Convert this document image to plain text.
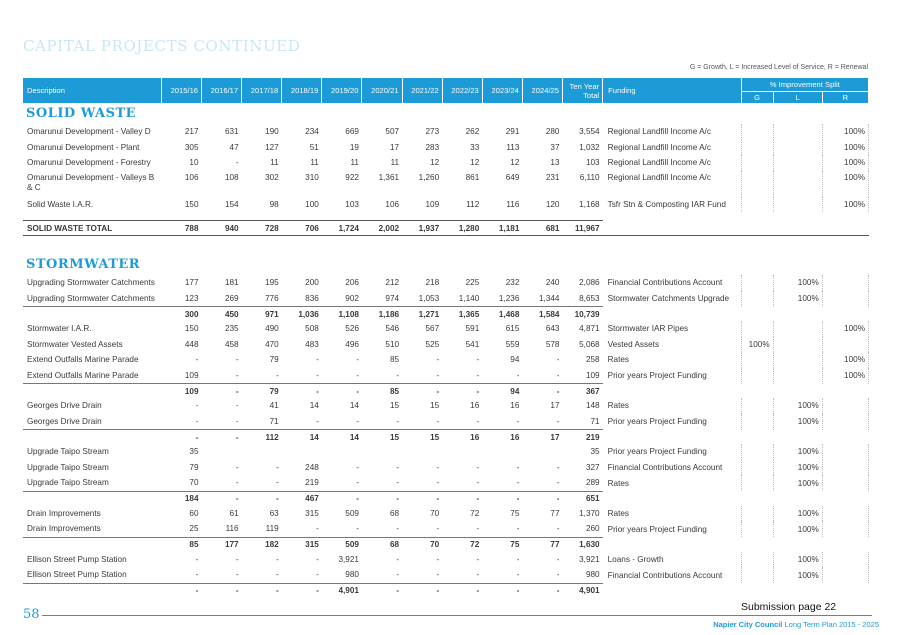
CAPITAL PROJECTS CONTINUED
G = Growth, L = Increased Level of Service, R = Renewal
Description	2015/16	2016/17	2017/18	2018/19	2019/20	2020/21	2021/22	2022/23	2023/24	2024/25	Ten Year Total	Funding	% Improvement Split		
													G	L	R
SOLID WASTE															
Omarunui Development - Valley D	217	631	190	234	669	507	273	262	291	280	3,554	Regional Landfill Income A/c			100%
Omarunui Development - Plant	305	47	127	51	19	17	283	33	113	37	1,032	Regional Landfill Income A/c			100%
Omarunui Development - Forestry	10	-	11	11	11	11	12	12	12	13	103	Regional Landfill Income A/c			100%
Omarunui Development - Valleys B & C	106	108	302	310	922	1,361	1,260	861	649	231	6,110	Regional Landfill Income A/c			100%
Solid Waste I.A.R.	150	154	98	100	103	106	109	112	116	120	1,168	Tsfr Stn & Composting IAR Fund			100%

SOLID WASTE TOTAL	788	940	728	706	1,724	2,002	1,937	1,280	1,181	681	11,967				

STORMWATER															
Upgrading Stormwater Catchments	177	181	195	200	206	212	218	225	232	240	2,086	Financial Contributions Account		100%	
Upgrading Stormwater Catchments	123	269	776	836	902	974	1,053	1,140	1,236	1,344	8,653	Stormwater Catchments Upgrade		100%	
	300	450	971	1,036	1,108	1,186	1,271	1,365	1,468	1,584	10,739				
Stormwater I.A.R.	150	235	490	508	526	546	567	591	615	643	4,871	Stormwater IAR Pipes			100%
Stormwater Vested Assets	448	458	470	483	496	510	525	541	559	578	5,068	Vested Assets	100%		
Extend Outfalls Marine Parade	-	-	79	-	-	85	-	-	94	-	258	Rates			100%
Extend Outfalls Marine Parade	109	-	-	-	-	-	-	-	-	-	109	Prior years Project Funding			100%
	109	-	79	-	-	85	-	-	94	-	367				
Georges Drive Drain	-	-	41	14	14	15	15	16	16	17	148	Rates		100%	
Georges Drive Drain	-	-	71	-	-	-	-	-	-	-	71	Prior years Project Funding		100%	
	-	-	112	14	14	15	15	16	16	17	219				
Upgrade Taipo Stream	35										35	Prior years Project Funding		100%	
Upgrade Taipo Stream	79	-	-	248	-	-	-	-	-	-	327	Financial Contributions Account		100%	
Upgrade Taipo Stream	70	-	-	219	-	-	-	-	-	-	289	Rates		100%	
	184	-	-	467	-	-	-	-	-	-	651				
Drain Improvements	60	61	63	315	509	68	70	72	75	77	1,370	Rates		100%	
Drain Improvements	25	116	119	-	-	-	-	-	-	-	260	Prior years Project Funding		100%	
	85	177	182	315	509	68	70	72	75	77	1,630				
Ellison Street Pump Station	-	-	-	-	3,921	-	-	-	-	-	3,921	Loans - Growth		100%	
Ellison Street Pump Station	-	-	-	-	980	-	-	-	-	-	980	Financial Contributions Account		100%	
	-	-	-	-	4,901	-	-	-	-	-	4,901				
58	Submission page 22
Napier City Council Long Term Plan 2015 - 2025
